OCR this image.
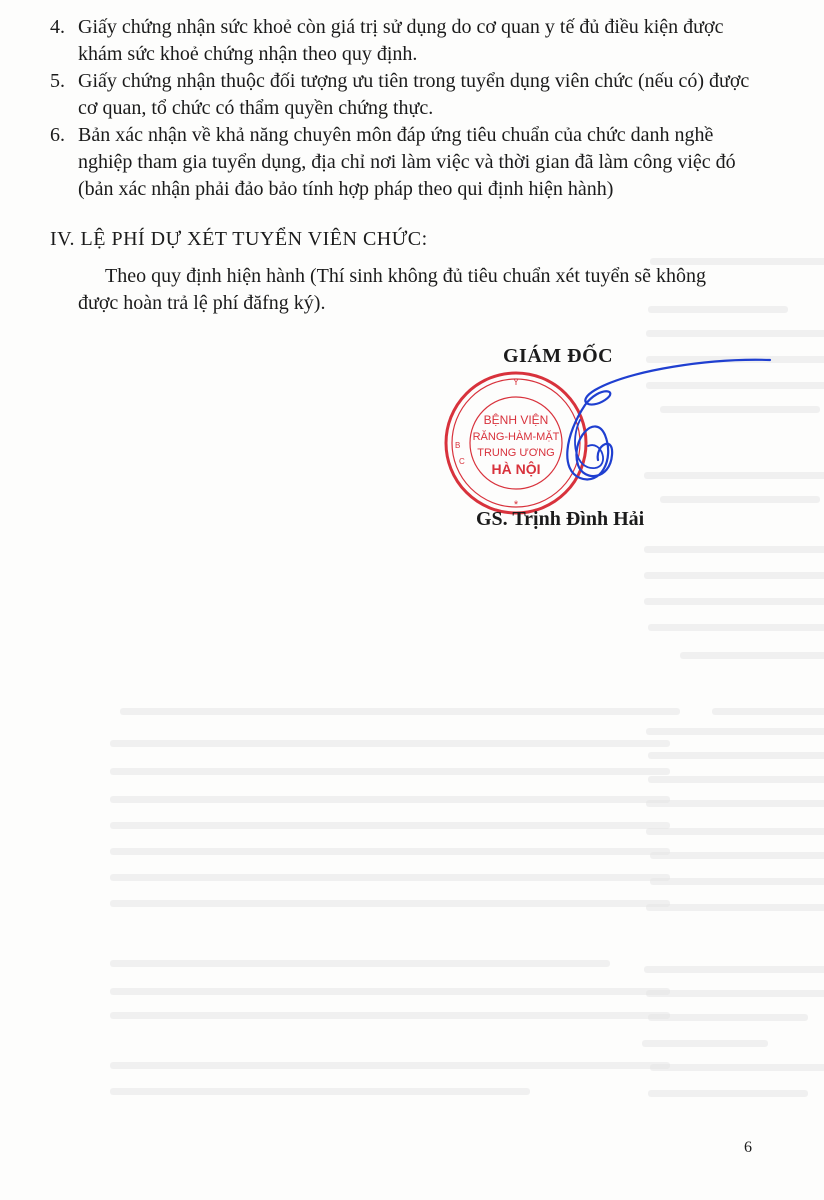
4. Giấy chứng nhận sức khoẻ còn giá trị sử dụng do cơ quan y tế đủ điều kiện được khám sức khoẻ chứng nhận theo quy định.
5. Giấy chứng nhận thuộc đối tượng ưu tiên trong tuyển dụng viên chức (nếu có) được cơ quan, tổ chức có thẩm quyền chứng thực.
6. Bản xác nhận về khả năng chuyên môn đáp ứng tiêu chuẩn của chức danh nghề nghiệp tham gia tuyển dụng, địa chỉ nơi làm việc và thời gian đã làm công việc đó (bản xác nhận phải đảo bảo tính hợp pháp theo qui định hiện hành)
IV. LỆ PHÍ DỰ XÉT TUYỂN VIÊN CHỨC:
Theo quy định hiện hành (Thí sinh không đủ tiêu chuẩn xét tuyển sẽ không được hoàn trả lệ phí đăfng ký).
GIÁM ĐỐC
Y
*
B
C
BỆNH VIỆN
RĂNG-HÀM-MẶT
TRUNG ƯƠNG
HÀ NỘI
GS. Trịnh Đình Hải
6
